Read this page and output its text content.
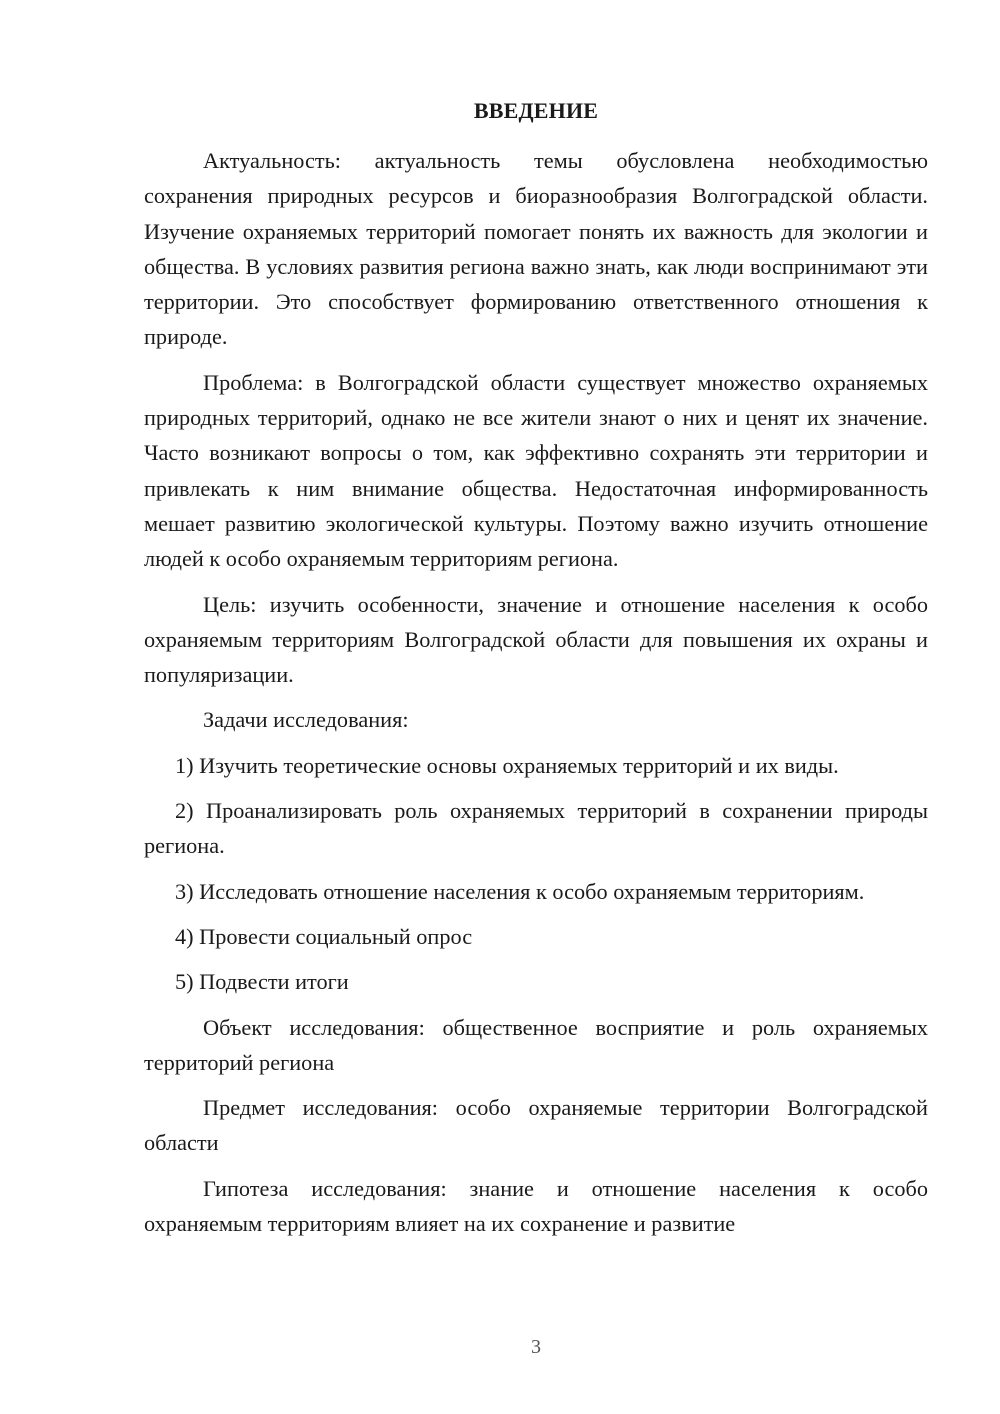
ВВЕДЕНИЕ

Актуальность: актуальность темы обусловлена необходимостью сохранения природных ресурсов и биоразнообразия Волгоградской области. Изучение охраняемых территорий помогает понять их важность для экологии и общества. В условиях развития региона важно знать, как люди воспринимают эти территории. Это способствует формированию ответственного отношения к природе.

Проблема: в Волгоградской области существует множество охраняемых природных территорий, однако не все жители знают о них и ценят их значение. Часто возникают вопросы о том, как эффективно сохранять эти территории и привлекать к ним внимание общества. Недостаточная информированность мешает развитию экологической культуры. Поэтому важно изучить отношение людей к особо охраняемым территориям региона.

Цель: изучить особенности, значение и отношение населения к особо охраняемым территориям Волгоградской области для повышения их охраны и популяризации.

Задачи исследования:

1) Изучить теоретические основы охраняемых территорий и их виды.

2) Проанализировать роль охраняемых территорий в сохранении природы региона.

3) Исследовать отношение населения к особо охраняемым территориям.

4) Провести социальный опрос

5) Подвести итоги

Объект исследования: общественное восприятие и роль охраняемых территорий региона

Предмет исследования: особо охраняемые территории Волгоградской области

Гипотеза исследования: знание и отношение населения к особо охраняемым территориям влияет на их сохранение и развитие

3
